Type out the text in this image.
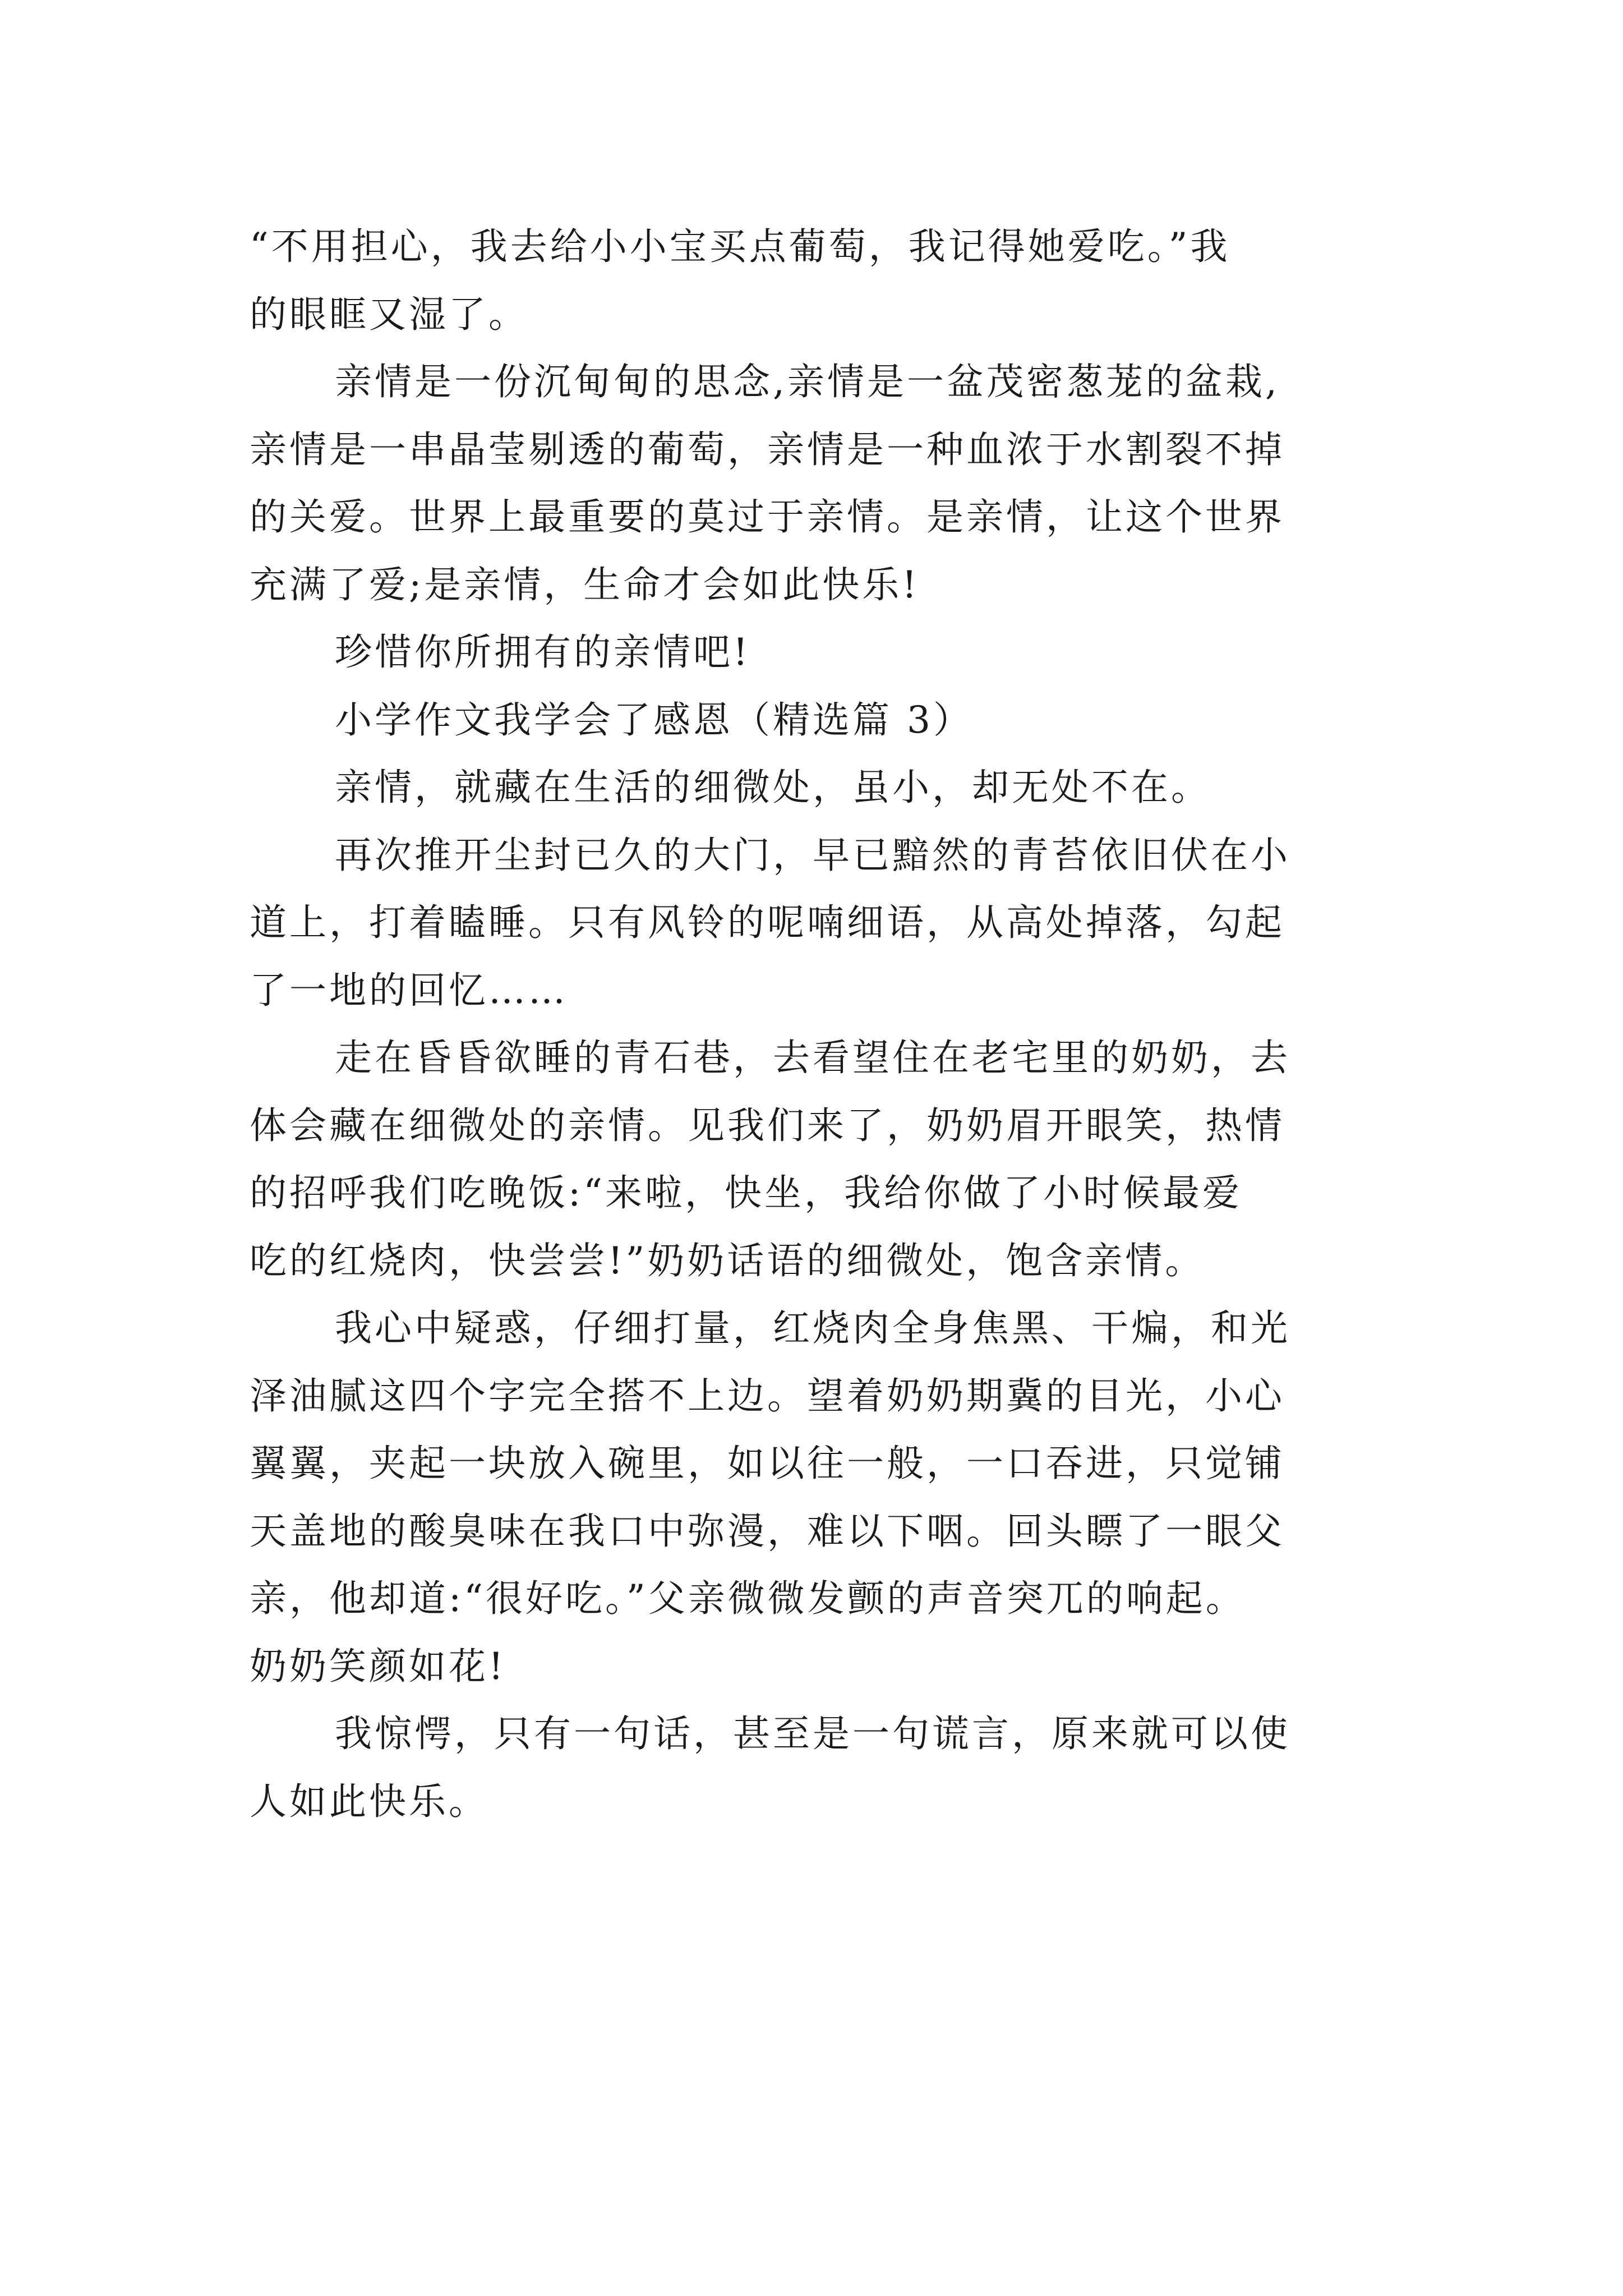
“不用担心，我去给小小宝买点葡萄，我记得她爱吃。”我
的眼眶又湿了。

亲情是一份沉甸甸的思念,亲情是一盆茂密葱茏的盆栽,
亲情是一串晶莹剔透的葡萄，亲情是一种血浓于水割裂不掉
的关爱。世界上最重要的莫过于亲情。是亲情，让这个世界
充满了爱;是亲情，生命才会如此快乐!

珍惜你所拥有的亲情吧!

小学作文我学会了感恩（精选篇 3）

亲情，就藏在生活的细微处，虽小，却无处不在。

再次推开尘封已久的大门，早已黯然的青苔依旧伏在小
道上，打着瞌睡。只有风铃的呢喃细语，从高处掉落，勾起
了一地的回忆……

走在昏昏欲睡的青石巷，去看望住在老宅里的奶奶，去
体会藏在细微处的亲情。见我们来了，奶奶眉开眼笑，热情
的招呼我们吃晚饭:“来啦，快坐，我给你做了小时候最爱
吃的红烧肉，快尝尝!”奶奶话语的细微处，饱含亲情。

我心中疑惑，仔细打量，红烧肉全身焦黑、干煸，和光
泽油腻这四个字完全搭不上边。望着奶奶期冀的目光，小心
翼翼，夹起一块放入碗里，如以往一般，一口吞进，只觉铺
天盖地的酸臭味在我口中弥漫，难以下咽。回头瞟了一眼父
亲，他却道:“很好吃。”父亲微微发颤的声音突兀的响起。
奶奶笑颜如花!

我惊愕，只有一句话，甚至是一句谎言，原来就可以使
人如此快乐。
